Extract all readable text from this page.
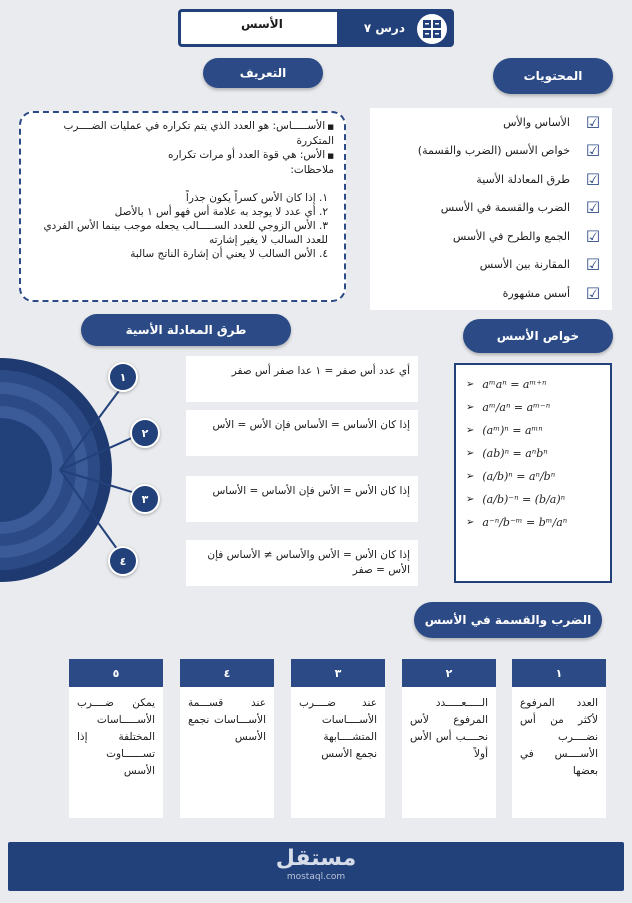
الأسس	درس ٧
المحتويات
☑
الأساس والأس
☑
خواص الأسس (الضرب والقسمة)
☑
طرق المعادلة الأسية
☑
الضرب والقسمة في الأسس
☑
الجمع والطرح في الأسس
☑
المقارنة بين الأسس
☑
أسس مشهورة
التعريف
■ الأســـــاس: هو العدد الذي يتم تكراره في عمليات الضــــرب المتكررة
■ الأس: هي قوة العدد أو مرات تكراره
ملاحظات:
١. إذا كان الأس كسراً يكون جذراً
٢. أي عدد لا يوجد به علامة أس فهو أس ١ بالأصل
٣. الأس الزوجي للعدد الســـــالب يجعله موجب بينما الأس الفردي للعدد السالب لا يغير إشارته
٤. الأس السالب لا يعني أن إشارة الناتج سالبة
طرق المعادلة الأسية
أي عدد أس صفر = ١ عدا صفر أس صفر
إذا كان الأساس = الأساس فإن الأس = الأس
إذا كان الأس = الأس فإن الأساس = الأساس
إذا كان الأس = الأس والأساس ≠ الأساس فإن الأس = صفر
١
٢
٣
٤
خواص الأسس
➢ aᵐaⁿ = aᵐ⁺ⁿ
➢ aᵐ/aⁿ = aᵐ⁻ⁿ
➢ (aᵐ)ⁿ = aᵐⁿ
➢ (ab)ⁿ = aⁿbⁿ
➢ (a/b)ⁿ = aⁿ/bⁿ
➢ (a/b)⁻ⁿ = (b/a)ⁿ
➢ a⁻ⁿ/b⁻ᵐ = bᵐ/aⁿ
الضرب والقسمة في الأسس
١
العدد المرفوع لأكثر من أس نضــــرب الأســــس في بعضها
٢
الـــــعـــــدد المرفوع لأس نحــــب أس الأس أولاً
٣
عند ضــــرب الأســــاسات المتشــــابهة نجمع الأسس
٤
عند قســـمة الأســـاسات نجمع الأسس
٥
يمكن ضــــرب الأســـــاسات المختلفة إذا تســــــاوت الأسس
مستقل
mostaql.com
